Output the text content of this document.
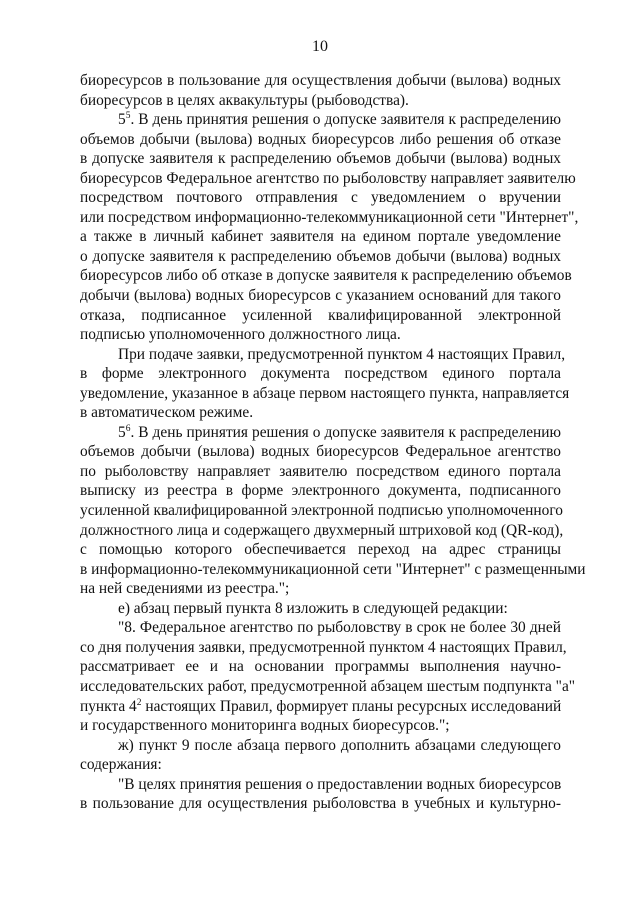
10
биоресурсов в пользование для осуществления добычи (вылова) водных
биоресурсов в целях аквакультуры (рыбоводства).
$5^5$. В день принятия решения о допуске заявителя к распределению
объемов добычи (вылова) водных биоресурсов либо решения об отказе
в допуске заявителя к распределению объемов добычи (вылова) водных
биоресурсов Федеральное агентство по рыболовству направляет заявителю
посредством почтового отправления с уведомлением о вручении
или посредством информационно-телекоммуникационной сети "Интернет",
а также в личный кабинет заявителя на едином портале уведомление
о допуске заявителя к распределению объемов добычи (вылова) водных
биоресурсов либо об отказе в допуске заявителя к распределению объемов
добычи (вылова) водных биоресурсов с указанием оснований для такого
отказа, подписанное усиленной квалифицированной электронной
подписью уполномоченного должностного лица.
При подаче заявки, предусмотренной пунктом 4 настоящих Правил,
в форме электронного документа посредством единого портала
уведомление, указанное в абзаце первом настоящего пункта, направляется
в автоматическом режиме.
$5^6$. В день принятия решения о допуске заявителя к распределению
объемов добычи (вылова) водных биоресурсов Федеральное агентство
по рыболовству направляет заявителю посредством единого портала
выписку из реестра в форме электронного документа, подписанного
усиленной квалифицированной электронной подписью уполномоченного
должностного лица и содержащего двухмерный штриховой код (QR-код),
с помощью которого обеспечивается переход на адрес страницы
в информационно-телекоммуникационной сети "Интернет" с размещенными
на ней сведениями из реестра.";
е) абзац первый пункта 8 изложить в следующей редакции:
"8. Федеральное агентство по рыболовству в срок не более 30 дней
со дня получения заявки, предусмотренной пунктом 4 настоящих Правил,
рассматривает ее и на основании программы выполнения научно-
исследовательских работ, предусмотренной абзацем шестым подпункта "а"
пункта $4^2$ настоящих Правил, формирует планы ресурсных исследований
и государственного мониторинга водных биоресурсов.";
ж) пункт 9 после абзаца первого дополнить абзацами следующего
содержания:
"В целях принятия решения о предоставлении водных биоресурсов
в пользование для осуществления рыболовства в учебных и культурно-
